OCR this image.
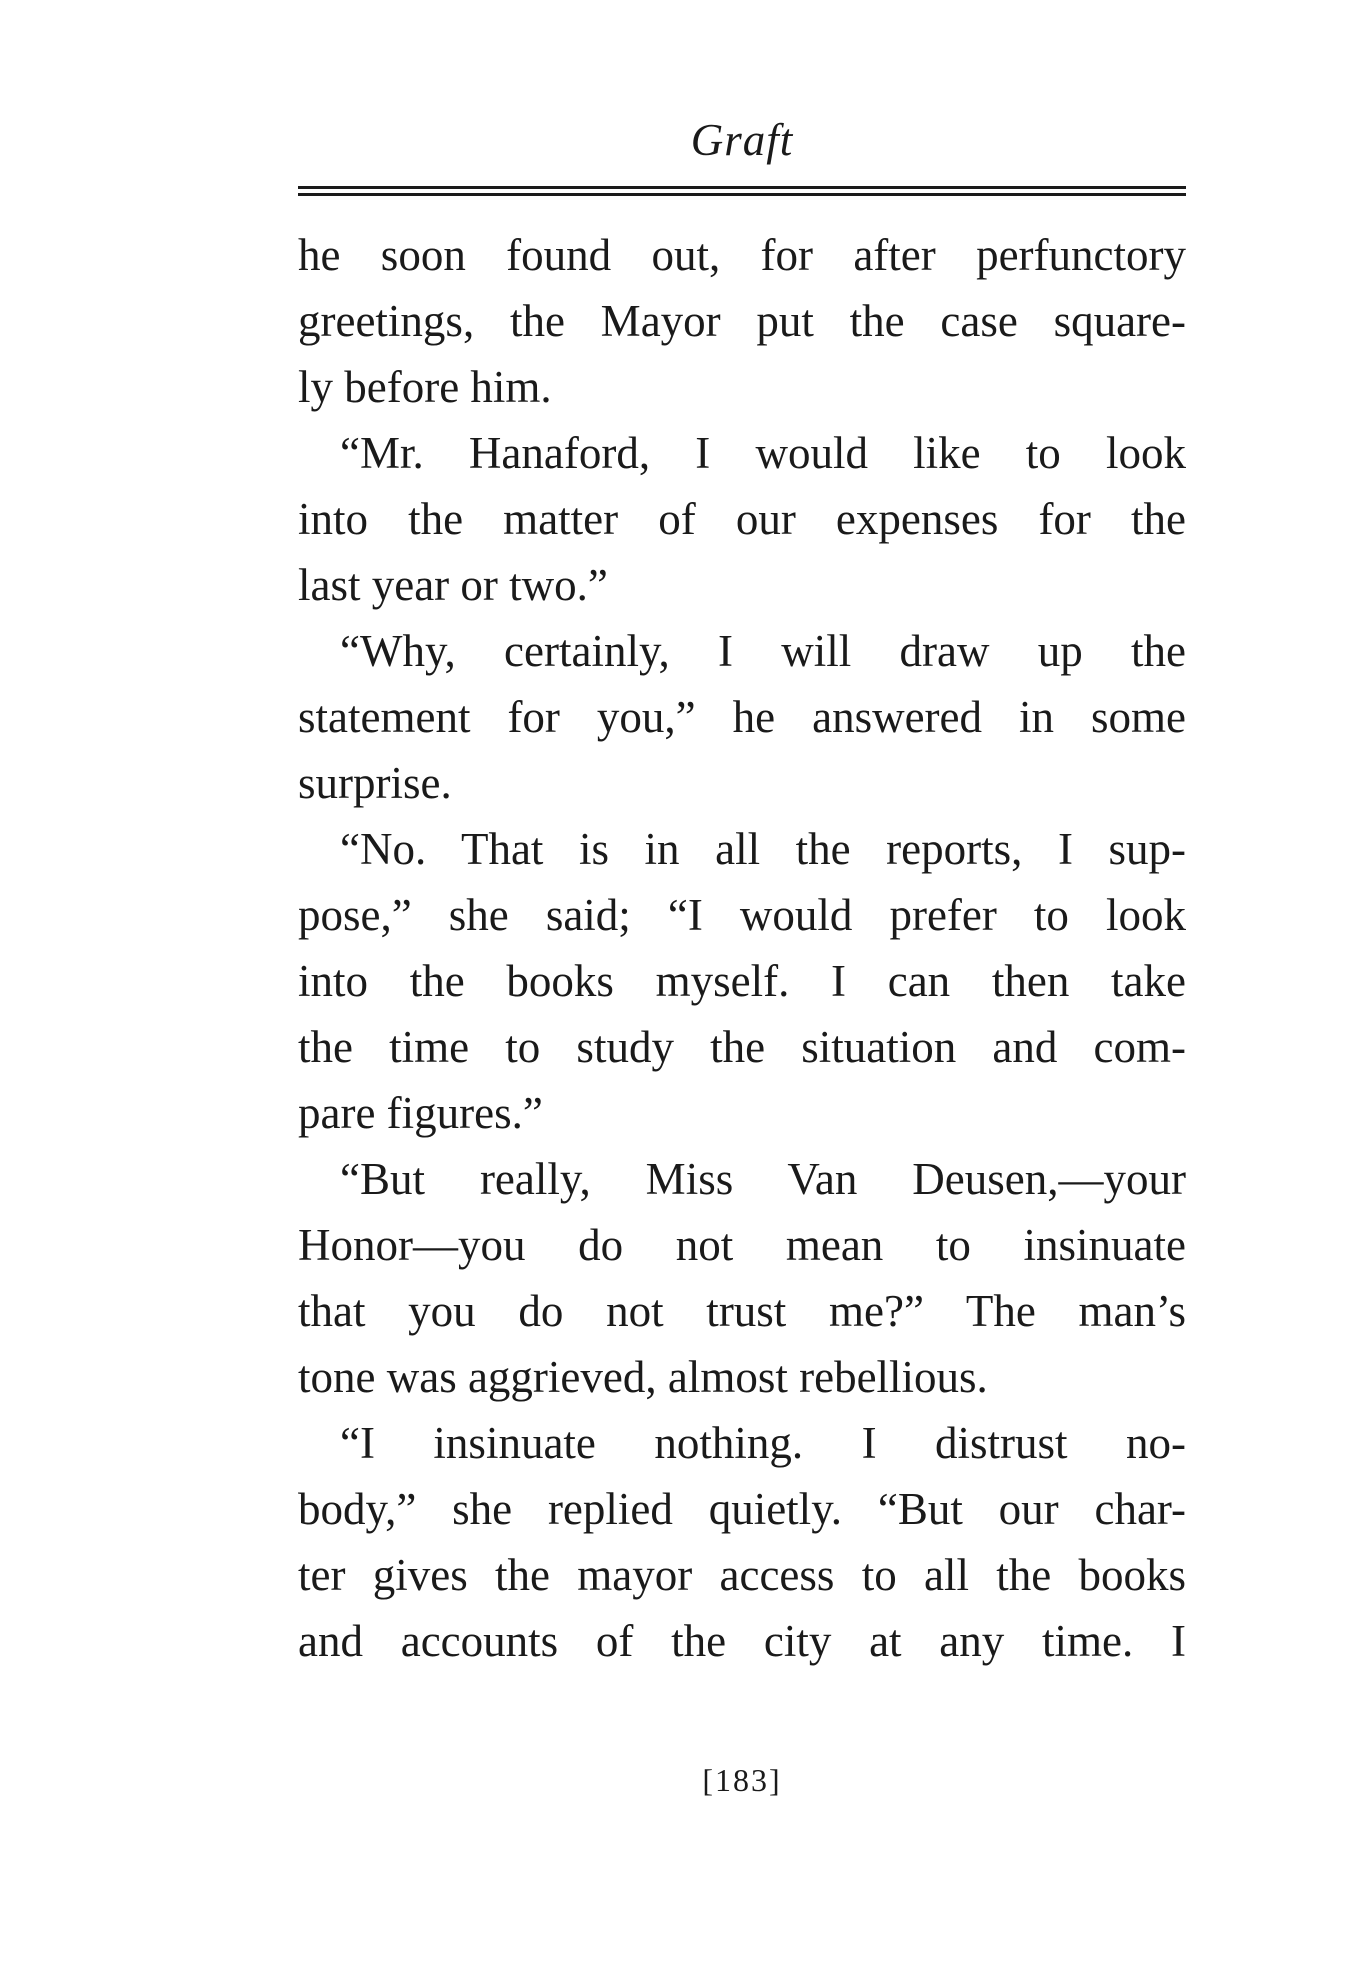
Graft
he soon found out, for after perfunctory
greetings, the Mayor put the case square-
ly before him.
“Mr. Hanaford, I would like to look
into the matter of our expenses for the
last year or two.”
“Why, certainly, I will draw up the
statement for you,” he answered in some
surprise.
“No. That is in all the reports, I sup-
pose,” she said; “I would prefer to look
into the books myself. I can then take
the time to study the situation and com-
pare figures.”
“But really, Miss Van Deusen,—your
Honor—you do not mean to insinuate
that you do not trust me?” The man’s
tone was aggrieved, almost rebellious.
“I insinuate nothing. I distrust no-
body,” she replied quietly. “But our char-
ter gives the mayor access to all the books
and accounts of the city at any time. I
[183]
